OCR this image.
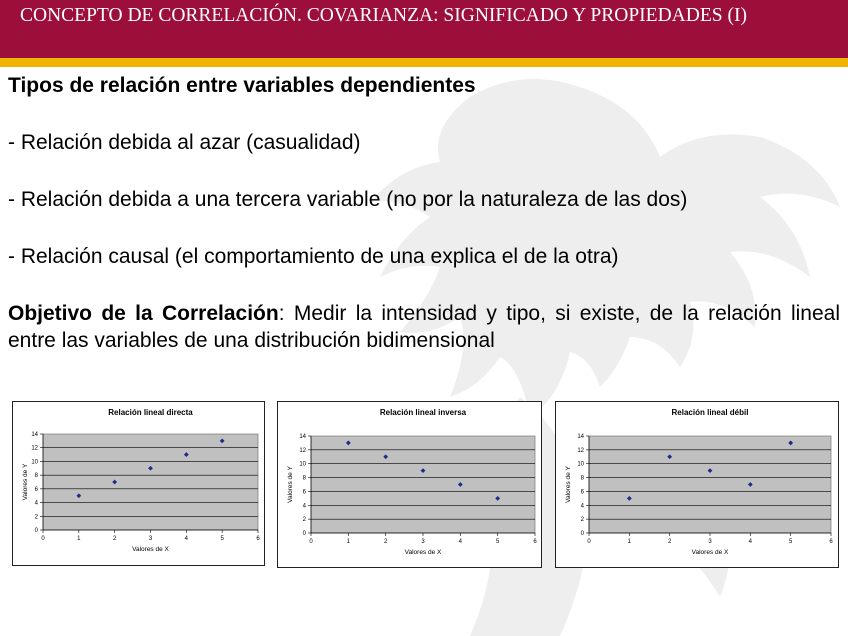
CONCEPTO DE CORRELACIÓN. COVARIANZA: SIGNIFICADO Y PROPIEDADES (I)
Tipos de relación entre variables dependientes
- Relación debida al azar (casualidad)
- Relación debida a una tercera variable (no por la naturaleza de las dos)
- Relación causal (el comportamiento de una explica el de la otra)
Objetivo de la Correlación: Medir la intensidad y tipo, si existe, de la relación lineal entre las variables de una distribución bidimensional
Relación lineal directa
0
2
4
6
8
10
12
14
0	1	2	3	4	5	6
Valores de X
Valores de Y
Relación lineal inversa
0
2
4
6
8
10
12
14
0	1	2	3	4	5	6
Valores de X
Valores de Y
Relación lineal débil
0
2
4
6
8
10
12
14
0	1	2	3	4	5	6
Valores de X
Valores de Y
